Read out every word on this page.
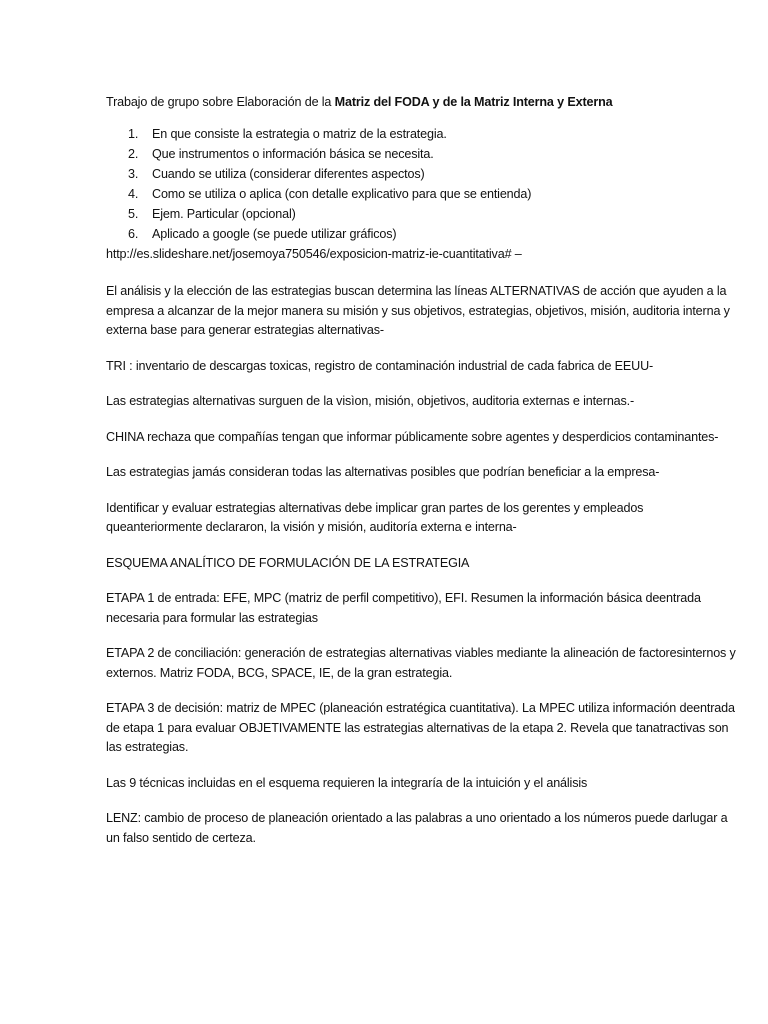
Trabajo de grupo sobre Elaboración de la Matriz del FODA y de la Matriz Interna y Externa

1. En que consiste la estrategia o matriz de la estrategia.
2. Que instrumentos o información básica se necesita.
3. Cuando se utiliza (considerar diferentes aspectos)
4. Como se utiliza o aplica (con detalle explicativo para que se entienda)
5. Ejem. Particular (opcional)
6. Aplicado a google (se puede utilizar gráficos)

http://es.slideshare.net/josemoya750546/exposicion-matriz-ie-cuantitativa# –

El análisis y la elección de las estrategias buscan determina las líneas ALTERNATIVAS de acción que ayuden a la empresa a alcanzar de la mejor manera su misión y sus objetivos, estrategias, objetivos, misión, auditoria interna y externa base para generar estrategias alternativas-

TRI : inventario de descargas toxicas, registro de contaminación industrial de cada fabrica de EEUU-

Las estrategias alternativas surguen de la visìon, misión, objetivos, auditoria externas e internas.-

CHINA rechaza que compañías tengan que informar públicamente sobre agentes y desperdicios contaminantes-

Las estrategias jamás consideran todas las alternativas posibles que podrían beneficiar a la empresa-

Identificar y evaluar estrategias alternativas debe implicar gran partes de los gerentes y empleados queanteriormente declararon, la visión y misión, auditoría externa e interna-

ESQUEMA ANALÍTICO DE FORMULACIÓN DE LA ESTRATEGIA

ETAPA 1 de entrada: EFE, MPC (matriz de perfil competitivo), EFI. Resumen la información básica deentrada necesaria para formular las estrategias

ETAPA 2 de conciliación: generación de estrategias alternativas viables mediante la alineación de factoresinternos y externos. Matriz FODA, BCG, SPACE, IE, de la gran estrategia.

ETAPA 3 de decisión: matriz de MPEC (planeación estratégica cuantitativa). La MPEC utiliza información deentrada de etapa 1 para evaluar OBJETIVAMENTE las estrategias alternativas de la etapa 2. Revela que tanatractivas son las estrategias.

Las 9 técnicas incluidas en el esquema requieren la integraría de la intuición y el análisis

LENZ: cambio de proceso de planeación orientado a las palabras a uno orientado a los números puede darlugar a un falso sentido de certeza.
